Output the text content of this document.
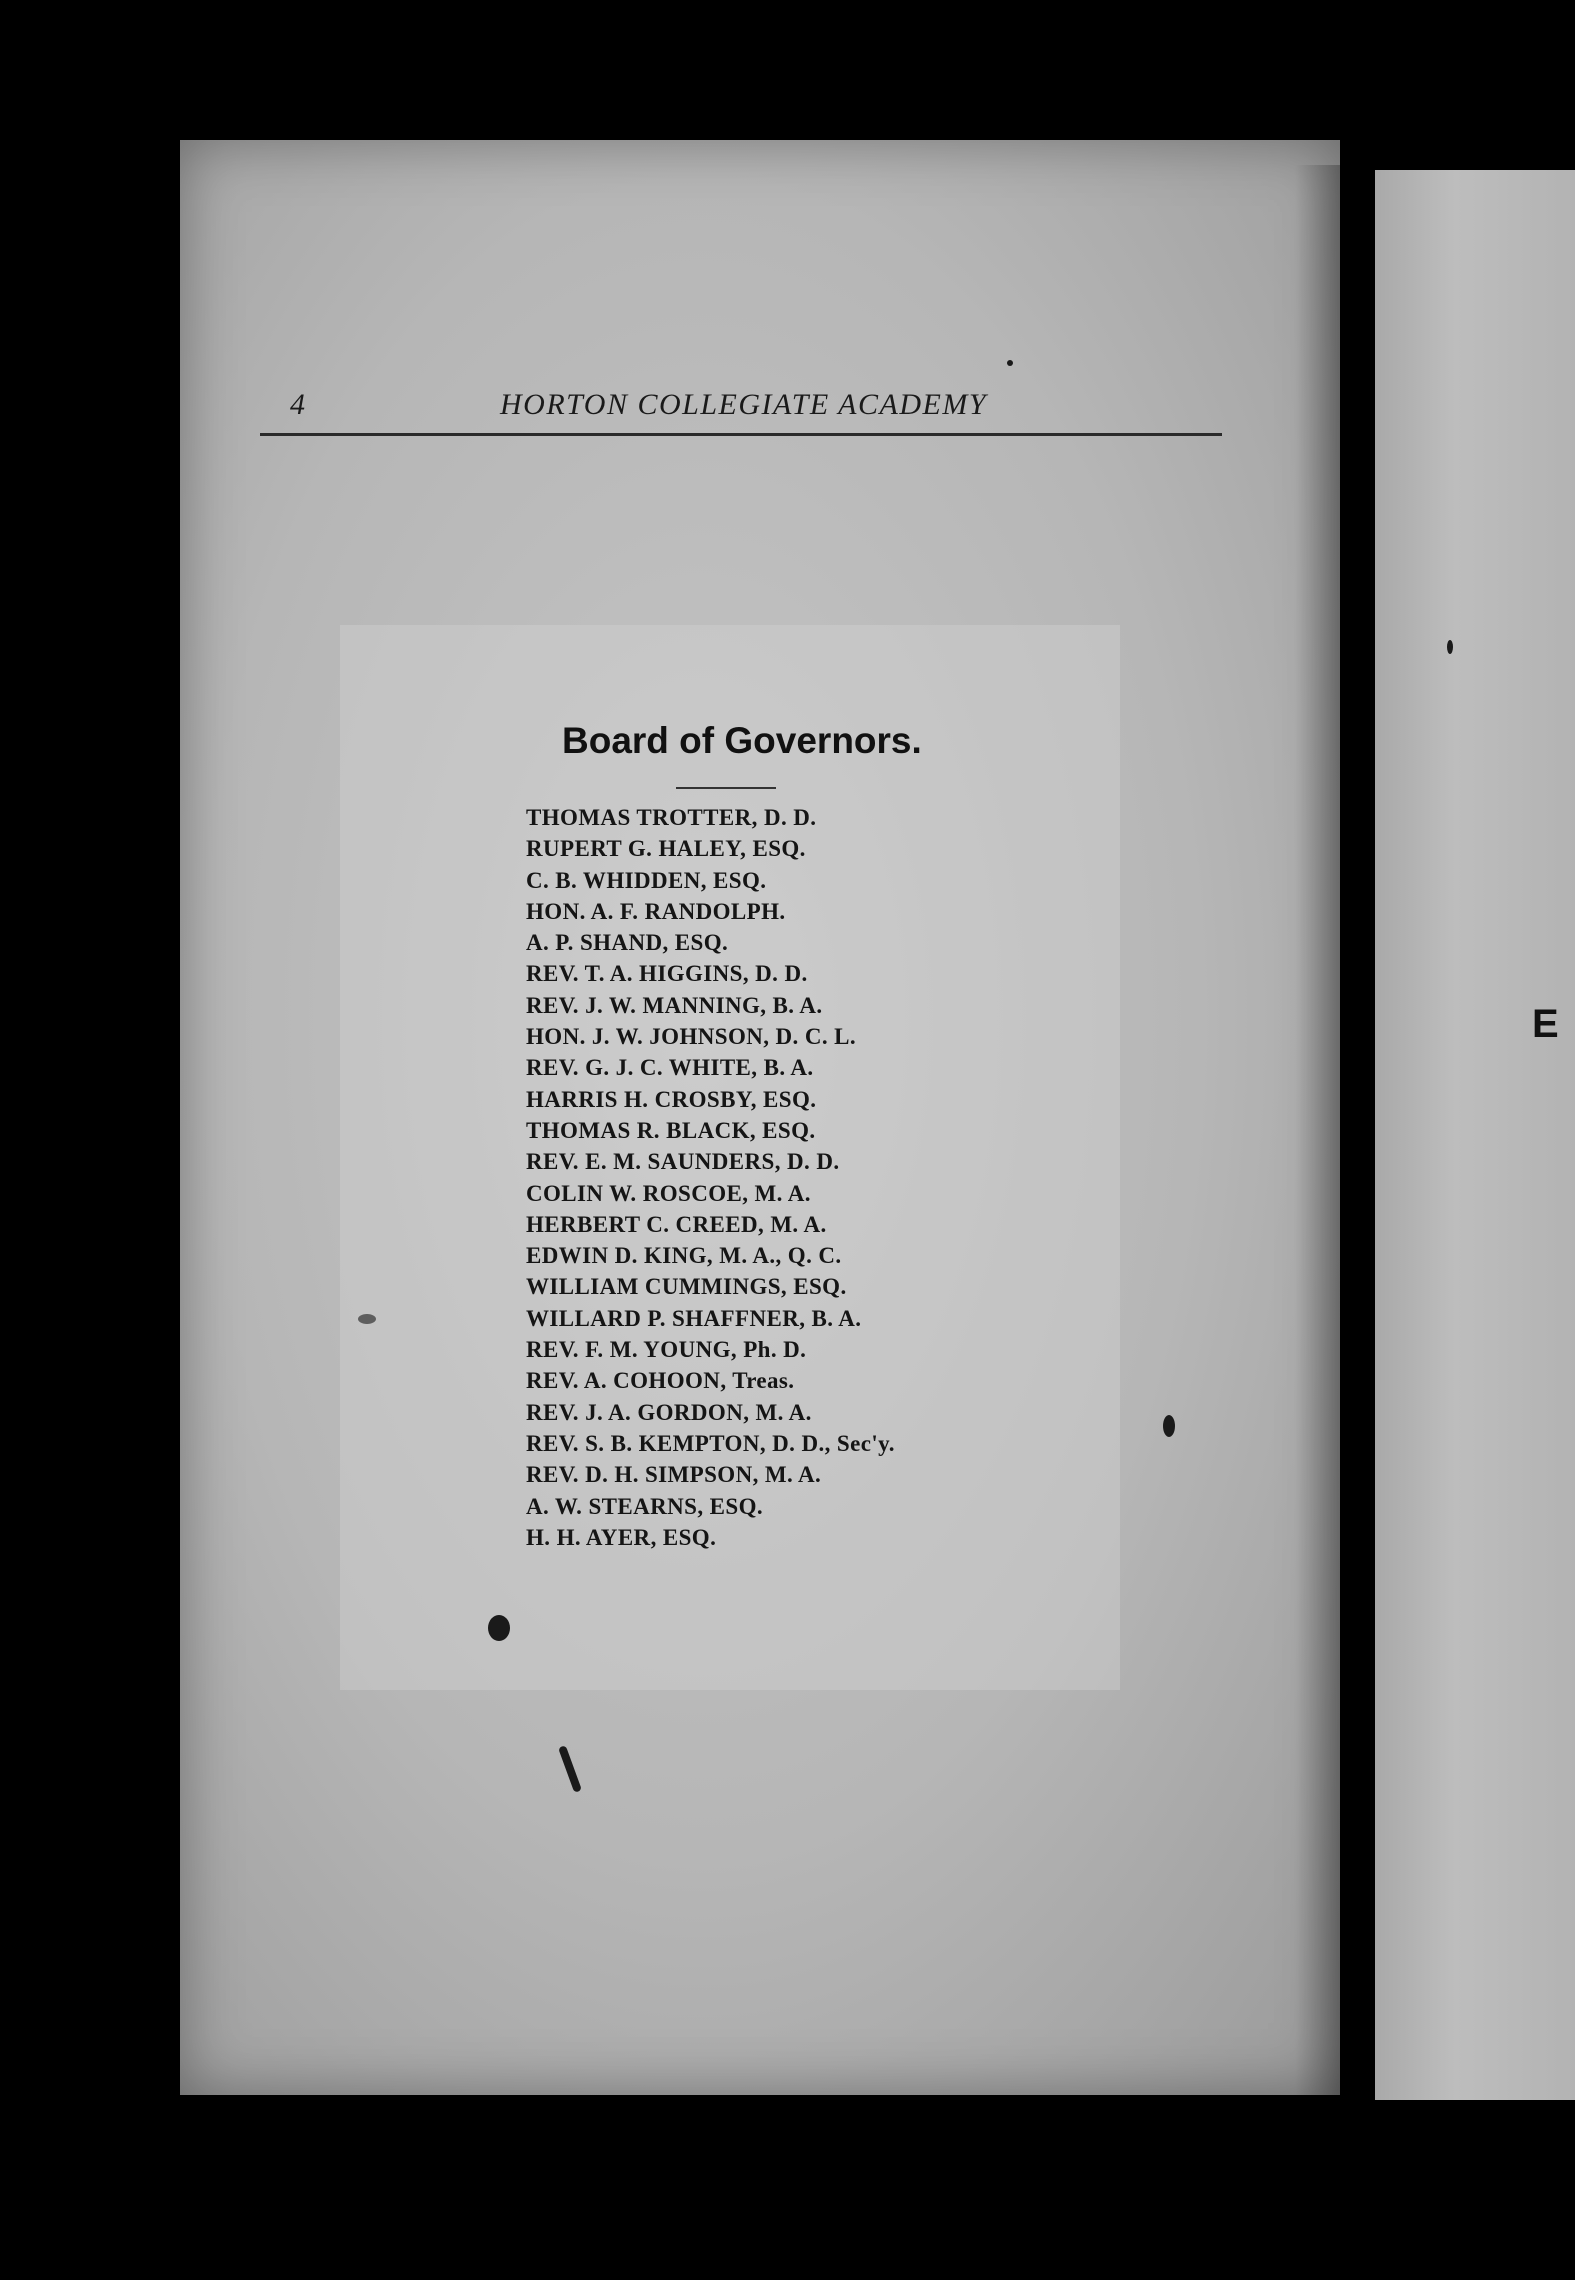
E
4	HORTON COLLEGIATE ACADEMY
Board of Governors.
THOMAS TROTTER, D. D.
RUPERT G. HALEY, ESQ.
C. B. WHIDDEN, ESQ.
HON. A. F. RANDOLPH.
A. P. SHAND, ESQ.
REV. T. A. HIGGINS, D. D.
REV. J. W. MANNING, B. A.
HON. J. W. JOHNSON, D. C. L.
REV. G. J. C. WHITE, B. A.
HARRIS H. CROSBY, ESQ.
THOMAS R. BLACK, ESQ.
REV. E. M. SAUNDERS, D. D.
COLIN W. ROSCOE, M. A.
HERBERT C. CREED, M. A.
EDWIN D. KING, M. A., Q. C.
WILLIAM CUMMINGS, ESQ.
WILLARD P. SHAFFNER, B. A.
REV. F. M. YOUNG, Ph. D.
REV. A. COHOON, Treas.
REV. J. A. GORDON, M. A.
REV. S. B. KEMPTON, D. D., Sec'y.
REV. D. H. SIMPSON, M. A.
A. W. STEARNS, ESQ.
H. H. AYER, ESQ.
